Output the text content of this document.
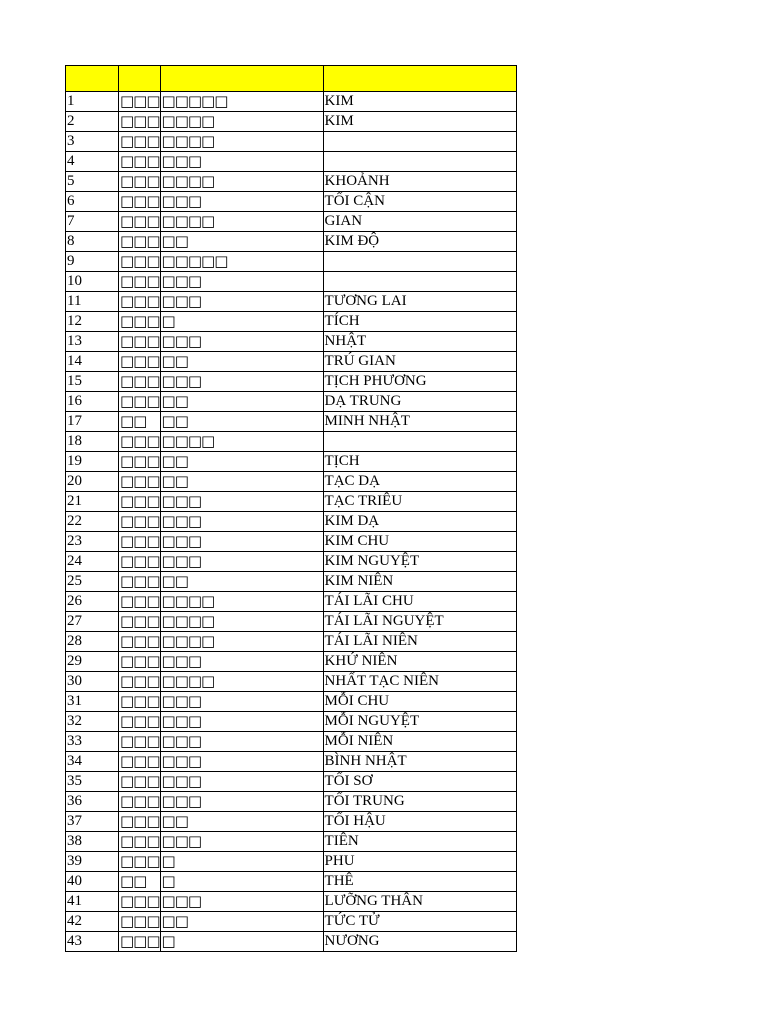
1	□□□	□□□□□	KIM
2	□□□	□□□□	KIM
3	□□□	□□□□	
4	□□□	□□□	
5	□□□	□□□□	KHOẢNH
6	□□□	□□□	TỐI CẬN
7	□□□	□□□□	GIAN
8	□□□	□□	KIM ĐỘ
9	□□□	□□□□□	
10	□□□	□□□	
11	□□□	□□□	TƯƠNG LAI
12	□□□	□	TÍCH
13	□□□	□□□	NHẬT
14	□□□	□□	TRÚ GIAN
15	□□□	□□□	TỊCH PHƯƠNG
16	□□□	□□	DẠ TRUNG
17	□□	□□	MINH NHẬT
18	□□□	□□□□	
19	□□□	□□	TỊCH
20	□□□	□□	TẠC DẠ
21	□□□	□□□	TẠC TRIÊU
22	□□□	□□□	KIM DẠ
23	□□□	□□□	KIM CHU
24	□□□	□□□	KIM NGUYỆT
25	□□□	□□	KIM NIÊN
26	□□□	□□□□	TÁI LÃI CHU
27	□□□	□□□□	TÁI LÃI NGUYỆT
28	□□□	□□□□	TÁI LÃI NIÊN
29	□□□	□□□	KHỨ NIÊN
30	□□□	□□□□	NHẤT TẠC NIÊN
31	□□□	□□□	MỖI CHU
32	□□□	□□□	MỖI NGUYỆT
33	□□□	□□□	MỖI NIÊN
34	□□□	□□□	BÌNH NHẬT
35	□□□	□□□	TỐI SƠ
36	□□□	□□□	TỐI TRUNG
37	□□□	□□	TỐI HẬU
38	□□□	□□□	TIÊN
39	□□□	□	PHU
40	□□	□	THÊ
41	□□□	□□□	LƯỠNG THÂN
42	□□□	□□	TỨC TỬ
43	□□□	□	NƯƠNG
